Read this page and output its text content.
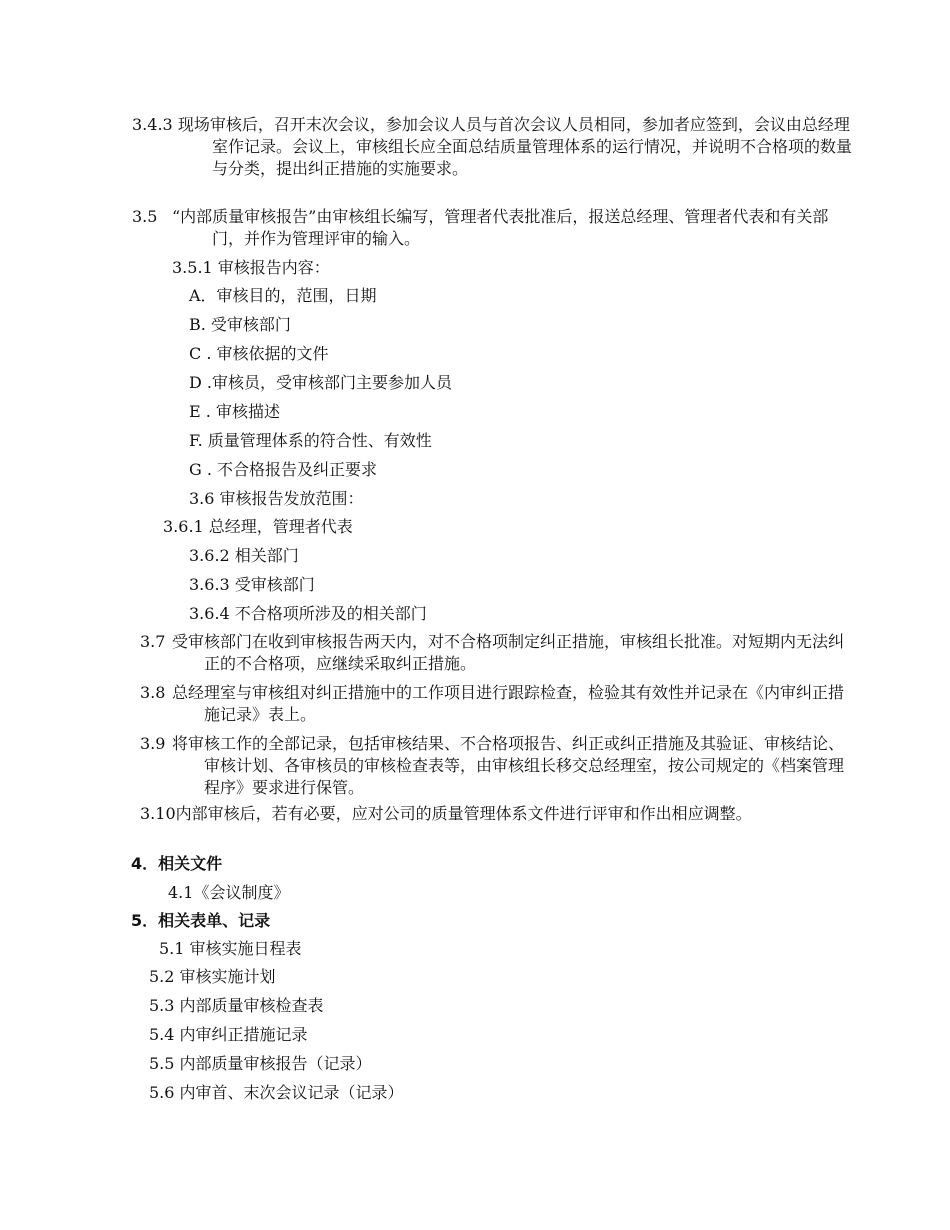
3.4.3 现场审核后，召开末次会议，参加会议人员与首次会议人员相同，参加者应签到，会议由总经理室作记录。会议上，审核组长应全面总结质量管理体系的运行情况，并说明不合格项的数量与分类，提出纠正措施的实施要求。
3.5 “内部质量审核报告”由审核组长编写，管理者代表批准后，报送总经理、管理者代表和有关部门，并作为管理评审的输入。
3.5.1 审核报告内容：
A．审核目的，范围，日期
B. 受审核部门
C . 审核依据的文件
D .审核员，受审核部门主要参加人员
E . 审核描述
F. 质量管理体系的符合性、有效性
G . 不合格报告及纠正要求
3.6 审核报告发放范围：
3.6.1 总经理，管理者代表
3.6.2 相关部门
3.6.3 受审核部门
3.6.4 不合格项所涉及的相关部门
3.7 受审核部门在收到审核报告两天内，对不合格项制定纠正措施，审核组长批准。对短期内无法纠正的不合格项，应继续采取纠正措施。
3.8 总经理室与审核组对纠正措施中的工作项目进行跟踪检查，检验其有效性并记录在《内审纠正措施记录》表上。
3.9 将审核工作的全部记录，包括审核结果、不合格项报告、纠正或纠正措施及其验证、审核结论、审核计划、各审核员的审核检查表等，由审核组长移交总经理室，按公司规定的《档案管理程序》要求进行保管。
3.10内部审核后，若有必要，应对公司的质量管理体系文件进行评审和作出相应调整。
4．相关文件
4.1《会议制度》
5．相关表单、记录
5.1 审核实施日程表
5.2 审核实施计划
5.3 内部质量审核检查表
5.4 内审纠正措施记录
5.5 内部质量审核报告（记录）
5.6 内审首、末次会议记录（记录）
